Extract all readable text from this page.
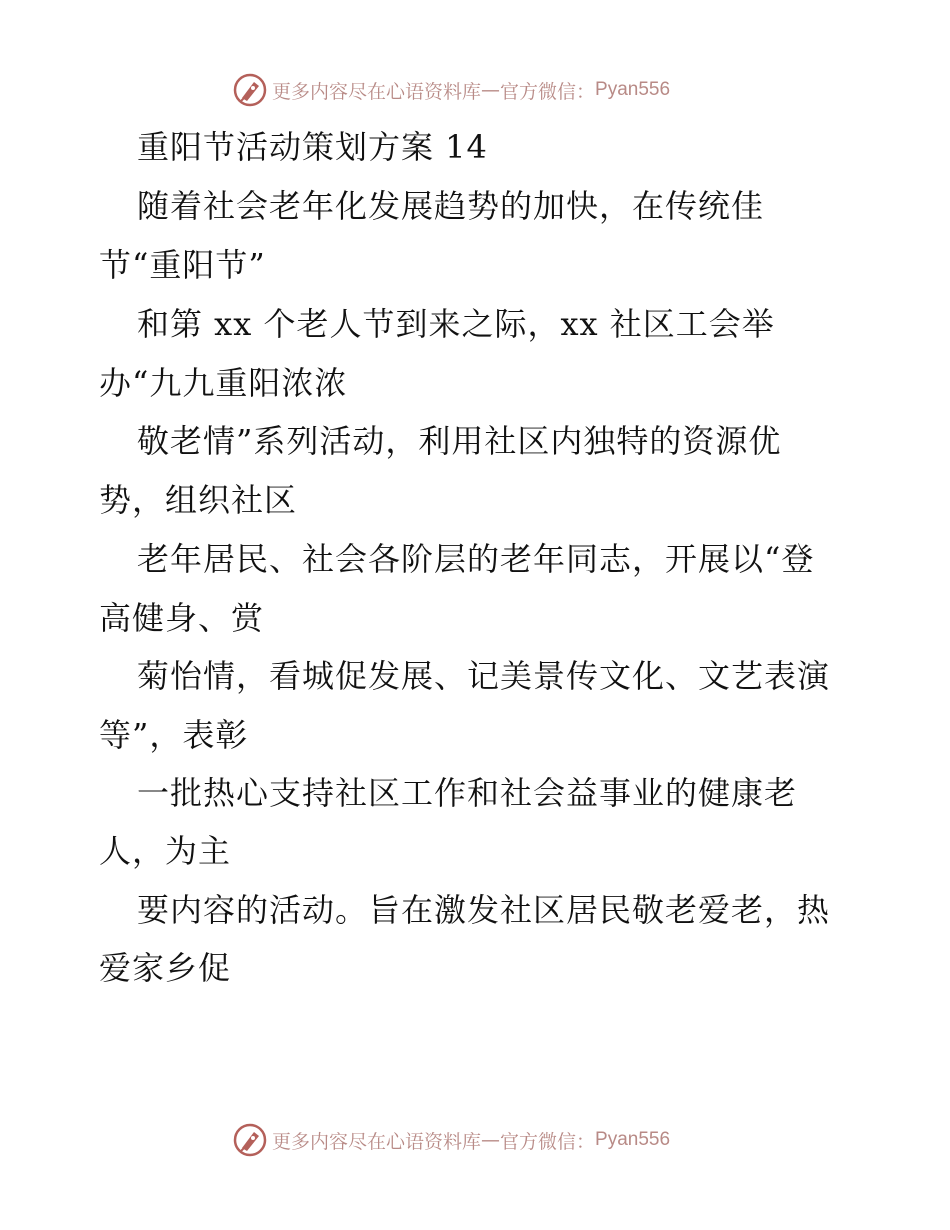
更多内容尽在心语资料库 — 官方微信： Pyan556
重阳节活动策划方案 14
随着社会老年化发展趋势的加快，在传统佳
节“重阳节”
和第 xx 个老人节到来之际，xx 社区工会举
办“九九重阳浓浓
敬老情”系列活动，利用社区内独特的资源优
势，组织社区
老年居民、社会各阶层的老年同志，开展以“登
高健身、赏
菊怡情，看城促发展、记美景传文化、文艺表演
等”，表彰
一批热心支持社区工作和社会益事业的健康老
人，为主
要内容的活动。旨在激发社区居民敬老爱老，热
爱家乡促
更多内容尽在心语资料库 — 官方微信： Pyan556
